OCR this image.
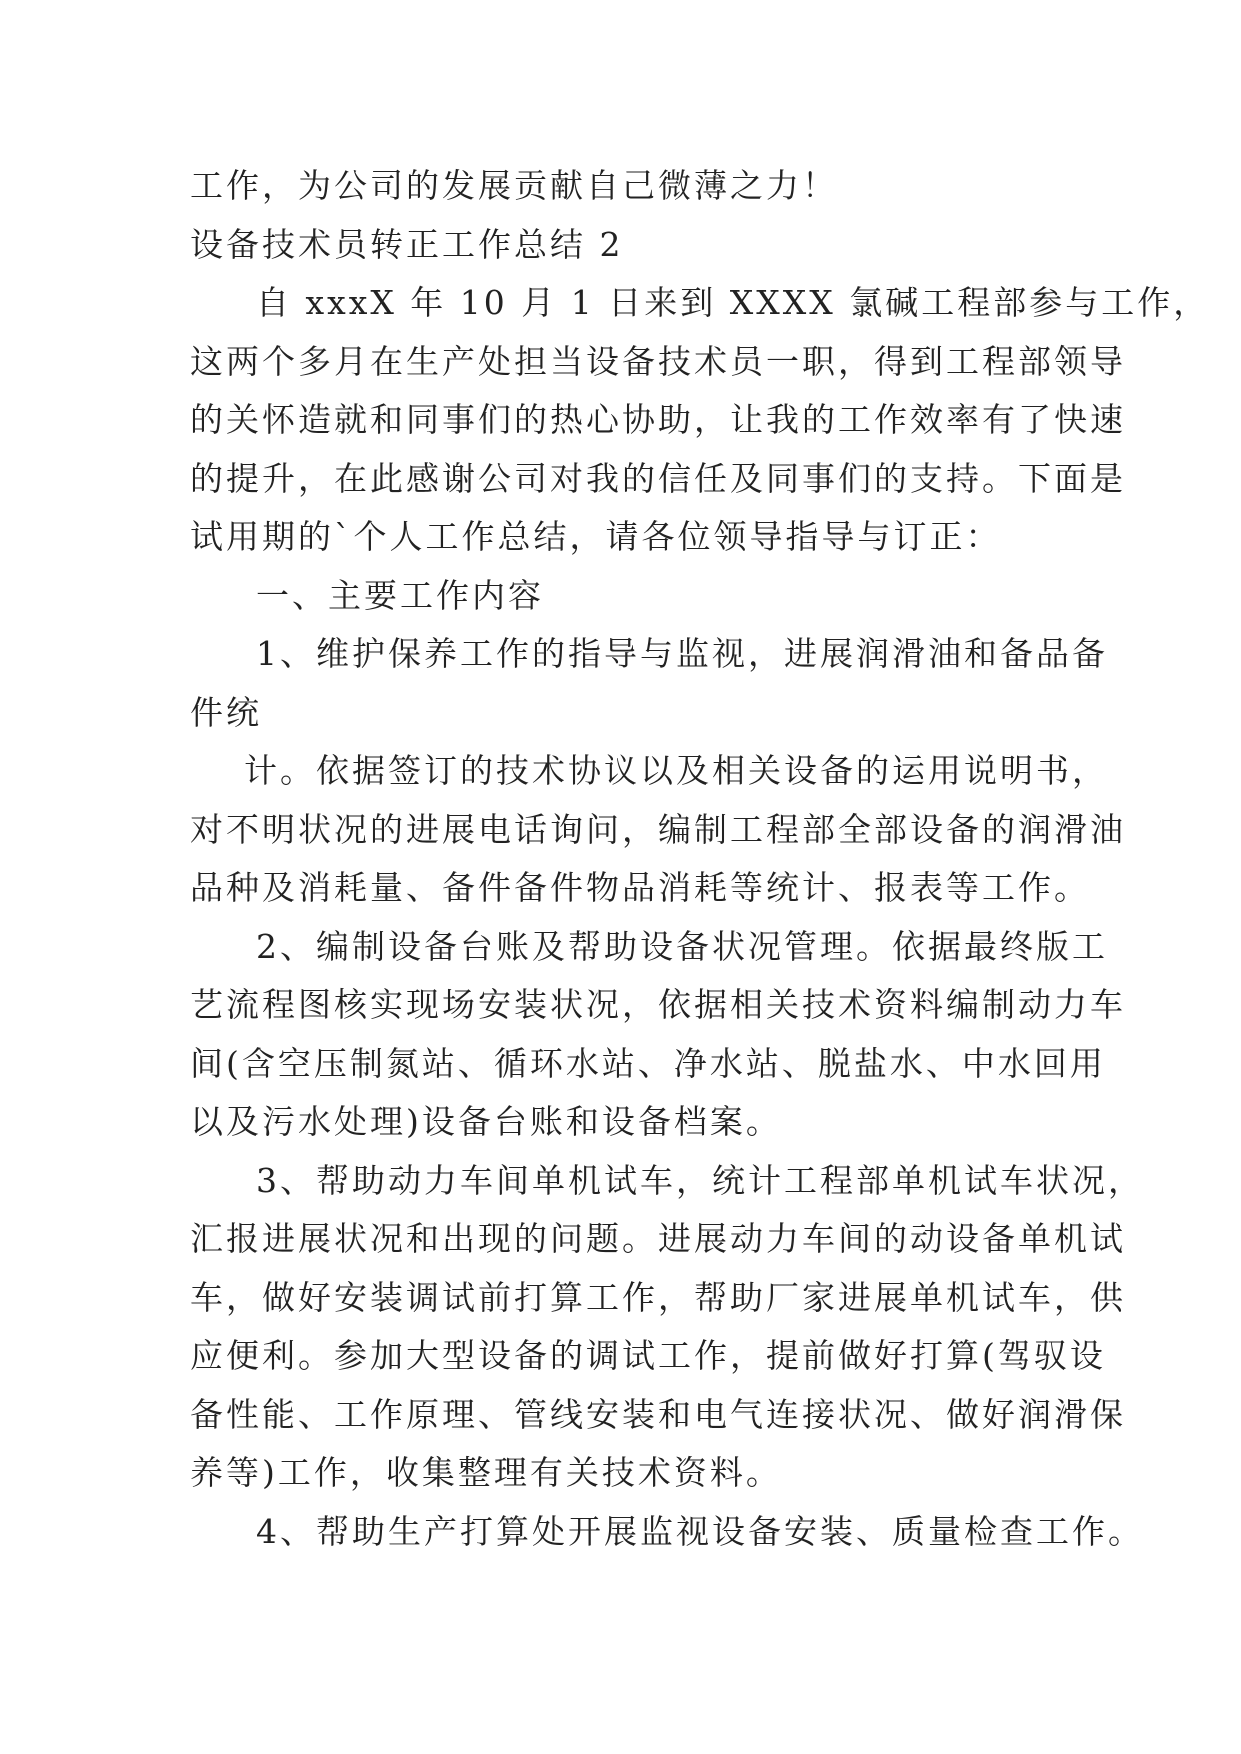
工作，为公司的发展贡献自己微薄之力！
设备技术员转正工作总结 2
自 xxxX 年 10 月 1 日来到 XXXX 氯碱工程部参与工作，
这两个多月在生产处担当设备技术员一职，得到工程部领导
的关怀造就和同事们的热心协助，让我的工作效率有了快速
的提升，在此感谢公司对我的信任及同事们的支持。下面是
试用期的`个人工作总结，请各位领导指导与订正：
一、主要工作内容
1、维护保养工作的指导与监视，进展润滑油和备品备
件统
计。依据签订的技术协议以及相关设备的运用说明书，
对不明状况的进展电话询问，编制工程部全部设备的润滑油
品种及消耗量、备件备件物品消耗等统计、报表等工作。
2、编制设备台账及帮助设备状况管理。依据最终版工
艺流程图核实现场安装状况，依据相关技术资料编制动力车
间(含空压制氮站、循环水站、净水站、脱盐水、中水回用
以及污水处理)设备台账和设备档案。
3、帮助动力车间单机试车，统计工程部单机试车状况，
汇报进展状况和出现的问题。进展动力车间的动设备单机试
车，做好安装调试前打算工作，帮助厂家进展单机试车，供
应便利。参加大型设备的调试工作，提前做好打算(驾驭设
备性能、工作原理、管线安装和电气连接状况、做好润滑保
养等)工作，收集整理有关技术资料。
4、帮助生产打算处开展监视设备安装、质量检查工作。
